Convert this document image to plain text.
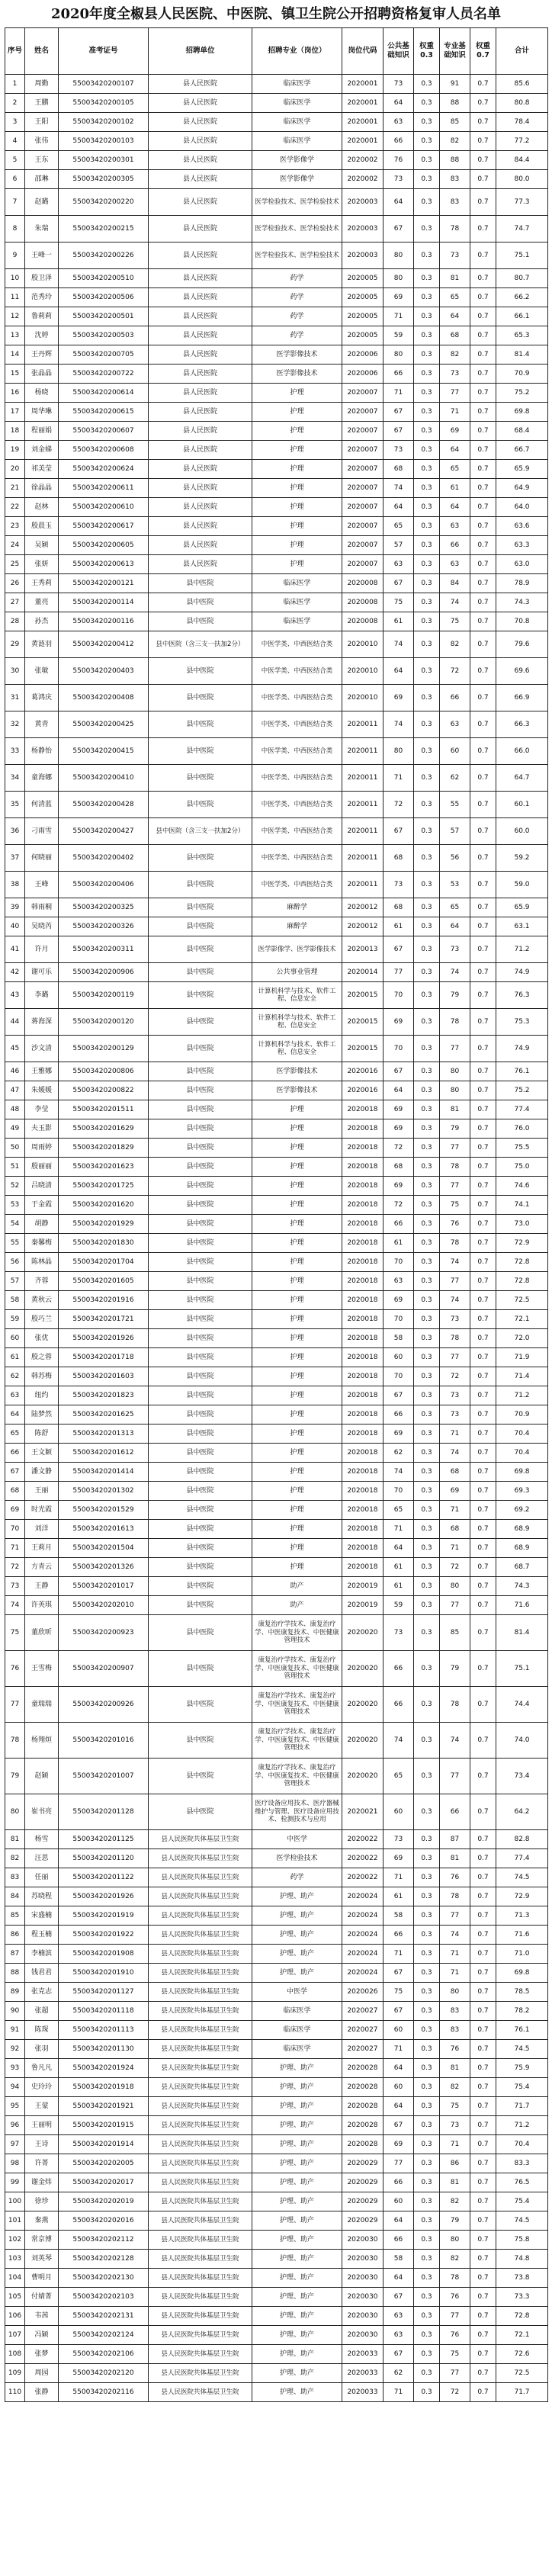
2020年度全椒县人民医院、中医院、镇卫生院公开招聘资格复审人员名单
序号	姓名	准考证号	招聘单位	招聘专业（岗位）	岗位代码	公共基础知识	权重0.3	专业基础知识	权重0.7	合计
1	周勤	55003420200107	县人民医院	临床医学	2020001	73	0.3	91	0.7	85.6
2	王鹏	55003420200105	县人民医院	临床医学	2020001	64	0.3	88	0.7	80.8
3	王阳	55003420200102	县人民医院	临床医学	2020001	63	0.3	85	0.7	78.4
4	张伟	55003420200103	县人民医院	临床医学	2020001	66	0.3	82	0.7	77.2
5	王东	55003420200301	县人民医院	医学影像学	2020002	76	0.3	88	0.7	84.4
6	邵琳	55003420200305	县人民医院	医学影像学	2020002	73	0.3	83	0.7	80.0
7	赵璐	55003420200220	县人民医院	医学检验技术、医学检验技术	2020003	64	0.3	83	0.7	77.3
8	朱瑞	55003420200215	县人民医院	医学检验技术、医学检验技术	2020003	67	0.3	78	0.7	74.7
9	王峰一	55003420200226	县人民医院	医学检验技术、医学检验技术	2020003	80	0.3	73	0.7	75.1
10	殷卫泽	55003420200510	县人民医院	药学	2020005	80	0.3	81	0.7	80.7
11	范秀玲	55003420200506	县人民医院	药学	2020005	69	0.3	65	0.7	66.2
12	鲁莉莉	55003420200501	县人民医院	药学	2020005	71	0.3	64	0.7	66.1
13	沈婷	55003420200503	县人民医院	药学	2020005	59	0.3	68	0.7	65.3
14	王丹辉	55003420200705	县人民医院	医学影像技术	2020006	80	0.3	82	0.7	81.4
15	张晶晶	55003420200722	县人民医院	医学影像技术	2020006	66	0.3	73	0.7	70.9
16	杨晓	55003420200614	县人民医院	护理	2020007	71	0.3	77	0.7	75.2
17	周华琳	55003420200615	县人民医院	护理	2020007	67	0.3	71	0.7	69.8
18	程丽娟	55003420200607	县人民医院	护理	2020007	67	0.3	69	0.7	68.4
19	刘金娣	55003420200608	县人民医院	护理	2020007	73	0.3	64	0.7	66.7
20	祁美莹	55003420200624	县人民医院	护理	2020007	68	0.3	65	0.7	65.9
21	徐晶晶	55003420200611	县人民医院	护理	2020007	74	0.3	61	0.7	64.9
22	赵林	55003420200610	县人民医院	护理	2020007	64	0.3	64	0.7	64.0
23	殷晨玉	55003420200617	县人民医院	护理	2020007	65	0.3	63	0.7	63.6
24	吴颖	55003420200605	县人民医院	护理	2020007	57	0.3	66	0.7	63.3
25	张妍	55003420200613	县人民医院	护理	2020007	63	0.3	63	0.7	63.0
26	王秀莉	55003420200121	县中医院	临床医学	2020008	67	0.3	84	0.7	78.9
27	董亮	55003420200114	县中医院	临床医学	2020008	75	0.3	74	0.7	74.3
28	孙杰	55003420200116	县中医院	临床医学	2020008	61	0.3	75	0.7	70.8
29	黄涟羽	55003420200412	县中医院（含三支一扶加2分）	中医学类、中西医结合类	2020010	74	0.3	82	0.7	79.6
30	张敏	55003420200403	县中医院	中医学类、中西医结合类	2020010	64	0.3	72	0.7	69.6
31	葛鸿庆	55003420200408	县中医院	中医学类、中西医结合类	2020010	69	0.3	66	0.7	66.9
32	黄青	55003420200425	县中医院	中医学类、中西医结合类	2020011	74	0.3	63	0.7	66.3
33	杨静怡	55003420200415	县中医院	中医学类、中西医结合类	2020011	80	0.3	60	0.7	66.0
34	童海娜	55003420200410	县中医院	中医学类、中西医结合类	2020011	71	0.3	62	0.7	64.7
35	何清蓝	55003420200428	县中医院	中医学类、中西医结合类	2020011	72	0.3	55	0.7	60.1
36	刁雨雪	55003420200427	县中医院（含三支一扶加2分）	中医学类、中西医结合类	2020011	67	0.3	57	0.7	60.0
37	何晓丽	55003420200402	县中医院	中医学类、中西医结合类	2020011	68	0.3	56	0.7	59.2
38	王峰	55003420200406	县中医院	中医学类、中西医结合类	2020011	73	0.3	53	0.7	59.0
39	韩雨桐	55003420200325	县中医院	麻醉学	2020012	68	0.3	65	0.7	65.9
40	吴晓芮	55003420200326	县中医院	麻醉学	2020012	61	0.3	64	0.7	63.1
41	许月	55003420200311	县中医院	医学影像学、医学影像技术	2020013	67	0.3	73	0.7	71.2
42	谢可乐	55003420200906	县中医院	公共事业管理	2020014	77	0.3	74	0.7	74.9
43	李璐	55003420200119	县中医院	计算机科学与技术、软件工程、信息安全	2020015	70	0.3	79	0.7	76.3
44	蒋海深	55003420200120	县中医院	计算机科学与技术、软件工程、信息安全	2020015	69	0.3	78	0.7	75.3
45	沙文清	55003420200129	县中医院	计算机科学与技术、软件工程、信息安全	2020015	70	0.3	77	0.7	74.9
46	王雅娜	55003420200806	县中医院	医学影像技术	2020016	67	0.3	80	0.7	76.1
47	朱媛媛	55003420200822	县中医院	医学影像技术	2020016	64	0.3	80	0.7	75.2
48	李莹	55003420201511	县中医院	护理	2020018	69	0.3	81	0.7	77.4
49	夫玉影	55003420201629	县中医院	护理	2020018	69	0.3	79	0.7	76.0
50	周雨婷	55003420201829	县中医院	护理	2020018	72	0.3	77	0.7	75.5
51	殷丽丽	55003420201623	县中医院	护理	2020018	68	0.3	78	0.7	75.0
52	吕晓清	55003420201725	县中医院	护理	2020018	69	0.3	77	0.7	74.6
53	于金霞	55003420201620	县中医院	护理	2020018	72	0.3	75	0.7	74.1
54	胡静	55003420201929	县中医院	护理	2020018	66	0.3	76	0.7	73.0
55	秦馨梅	55003420201830	县中医院	护理	2020018	61	0.3	78	0.7	72.9
56	陈林晶	55003420201704	县中医院	护理	2020018	70	0.3	74	0.7	72.8
57	齐蓉	55003420201605	县中医院	护理	2020018	63	0.3	77	0.7	72.8
58	黄秋云	55003420201916	县中医院	护理	2020018	69	0.3	74	0.7	72.5
59	殷巧兰	55003420201721	县中医院	护理	2020018	70	0.3	73	0.7	72.1
60	张优	55003420201926	县中医院	护理	2020018	58	0.3	78	0.7	72.0
61	殷之蓉	55003420201718	县中医院	护理	2020018	60	0.3	77	0.7	71.9
62	韩苏梅	55003420201603	县中医院	护理	2020018	70	0.3	72	0.7	71.4
63	纽约	55003420201823	县中医院	护理	2020018	67	0.3	73	0.7	71.2
64	陆梦然	55003420201625	县中医院	护理	2020018	66	0.3	73	0.7	70.9
65	陈舒	55003420201313	县中医院	护理	2020018	69	0.3	71	0.7	70.4
66	王文颖	55003420201612	县中医院	护理	2020018	62	0.3	74	0.7	70.4
67	潘文静	55003420201414	县中医院	护理	2020018	74	0.3	68	0.7	69.8
68	王丽	55003420201302	县中医院	护理	2020018	70	0.3	69	0.7	69.3
69	时光霞	55003420201529	县中医院	护理	2020018	65	0.3	71	0.7	69.2
70	刘洋	55003420201613	县中医院	护理	2020018	71	0.3	68	0.7	68.9
71	王莉月	55003420201504	县中医院	护理	2020018	64	0.3	71	0.7	68.9
72	方青云	55003420201326	县中医院	护理	2020018	61	0.3	72	0.7	68.7
73	王静	55003420201017	县中医院	助产	2020019	61	0.3	80	0.7	74.3
74	许英琪	55003420202010	县中医院	助产	2020019	59	0.3	77	0.7	71.6
75	董欣昕	55003420200923	县中医院	康复治疗学技术、康复治疗学、中医康复技术、中医健康管理技术	2020020	73	0.3	85	0.7	81.4
76	王雪梅	55003420200907	县中医院	康复治疗学技术、康复治疗学、中医康复技术、中医健康管理技术	2020020	66	0.3	79	0.7	75.1
77	童瑞瑞	55003420200926	县中医院	康复治疗学技术、康复治疗学、中医康复技术、中医健康管理技术	2020020	66	0.3	78	0.7	74.4
78	杨翔烜	55003420201016	县中医院	康复治疗学技术、康复治疗学、中医康复技术、中医健康管理技术	2020020	74	0.3	74	0.7	74.0
79	赵颖	55003420201007	县中医院	康复治疗学技术、康复治疗学、中医康复技术、中医健康管理技术	2020020	65	0.3	77	0.7	73.4
80	崔书亮	55003420201128	县中医院	医疗设备应用技术、医疗器械维护与管理、医疗设备应用技术、检测技术与应用	2020021	60	0.3	66	0.7	64.2
81	杨雪	55003420201125	县人民医院共体基层卫生院	中医学	2020022	73	0.3	87	0.7	82.8
82	汪思	55003420201120	县人民医院共体基层卫生院	医学检验技术	2020022	69	0.3	81	0.7	77.4
83	任丽	55003420201122	县人民医院共体基层卫生院	药学	2020022	71	0.3	76	0.7	74.5
84	苏晓程	55003420201926	县人民医院共体基层卫生院	护理、助产	2020024	61	0.3	78	0.7	72.9
85	宋盛楠	55003420201919	县人民医院共体基层卫生院	护理、助产	2020024	58	0.3	77	0.7	71.3
86	程玉楠	55003420201922	县人民医院共体基层卫生院	护理、助产	2020024	66	0.3	74	0.7	71.6
87	李楠滨	55003420201908	县人民医院共体基层卫生院	护理、助产	2020024	71	0.3	71	0.7	71.0
88	钱君君	55003420201910	县人民医院共体基层卫生院	护理、助产	2020024	67	0.3	71	0.7	69.8
89	张克志	55003420201127	县人民医院共体基层卫生院	中医学	2020026	75	0.3	80	0.7	78.5
90	张超	55003420201118	县人民医院共体基层卫生院	临床医学	2020027	67	0.3	83	0.7	78.2
91	陈琛	55003420201113	县人民医院共体基层卫生院	临床医学	2020027	60	0.3	83	0.7	76.1
92	张羽	55003420201130	县人民医院共体基层卫生院	临床医学	2020027	71	0.3	76	0.7	74.5
93	鲁凡凡	55003420201924	县人民医院共体基层卫生院	护理、助产	2020028	64	0.3	81	0.7	75.9
94	史玲玲	55003420201918	县人民医院共体基层卫生院	护理、助产	2020028	60	0.3	82	0.7	75.4
95	王蒙	55003420201921	县人民医院共体基层卫生院	护理、助产	2020028	64	0.3	75	0.7	71.7
96	王丽明	55003420201915	县人民医院共体基层卫生院	护理、助产	2020028	67	0.3	73	0.7	71.2
97	王诗	55003420201914	县人民医院共体基层卫生院	护理、助产	2020028	69	0.3	71	0.7	70.4
98	许菁	55003420202005	县人民医院共体基层卫生院	护理、助产	2020029	77	0.3	86	0.7	83.3
99	谢金炜	55003420202017	县人民医院共体基层卫生院	护理、助产	2020029	66	0.3	81	0.7	76.5
100	徐珍	55003420202019	县人民医院共体基层卫生院	护理、助产	2020029	60	0.3	82	0.7	75.4
101	秦燕	55003420202016	县人民医院共体基层卫生院	护理、助产	2020029	64	0.3	79	0.7	74.5
102	常京博	55003420202112	县人民医院共体基层卫生院	护理、助产	2020030	66	0.3	80	0.7	75.8
103	刘英琴	55003420202128	县人民医院共体基层卫生院	护理、助产	2020030	58	0.3	82	0.7	74.8
104	曹明月	55003420202130	县人民医院共体基层卫生院	护理、助产	2020030	64	0.3	78	0.7	73.8
105	付婧菁	55003420202103	县人民医院共体基层卫生院	护理、助产	2020030	67	0.3	76	0.7	73.3
106	韦茜	55003420202131	县人民医院共体基层卫生院	护理、助产	2020030	63	0.3	77	0.7	72.8
107	冯颖	55003420202124	县人民医院共体基层卫生院	护理、助产	2020030	63	0.3	76	0.7	72.1
108	张梦	55003420202106	县人民医院共体基层卫生院	护理、助产	2020033	67	0.3	75	0.7	72.6
109	周园	55003420202120	县人民医院共体基层卫生院	护理、助产	2020033	62	0.3	77	0.7	72.5
110	张静	55003420202116	县人民医院共体基层卫生院	护理、助产	2020033	71	0.3	72	0.7	71.7
